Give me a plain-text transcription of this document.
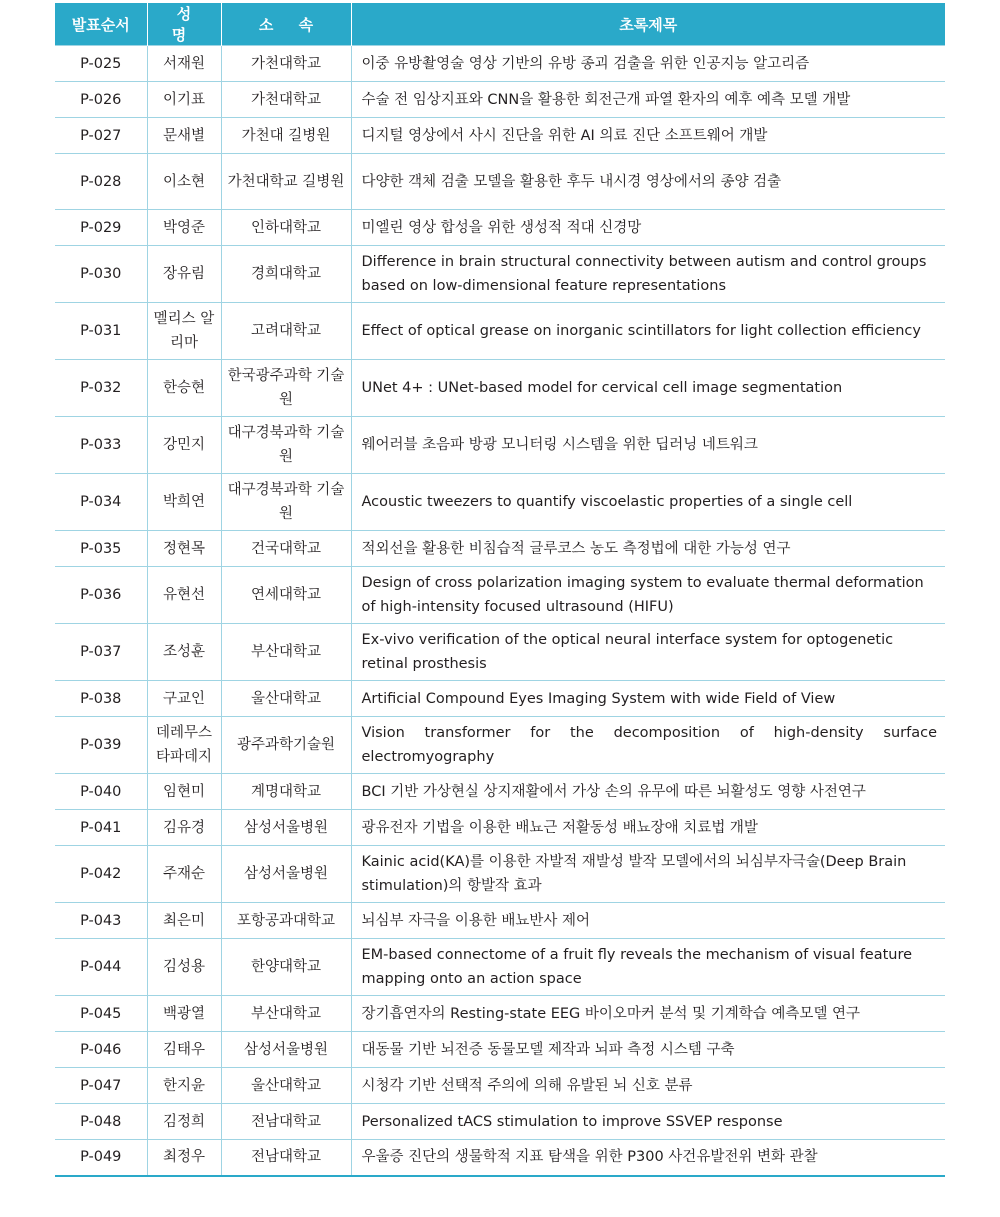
발표순서	성 명	소 속	초록제목
P-025	서재원	가천대학교	이중 유방촬영술 영상 기반의 유방 종괴 검출을 위한 인공지능 알고리즘
P-026	이기표	가천대학교	수술 전 임상지표와 CNN을 활용한 회전근개 파열 환자의 예후 예측 모델 개발
P-027	문새별	가천대 길병원	디지털 영상에서 사시 진단을 위한 AI 의료 진단 소프트웨어 개발
P-028	이소현	가천대학교 길병원	다양한 객체 검출 모델을 활용한 후두 내시경 영상에서의 종양 검출
P-029	박영준	인하대학교	미엘린 영상 합성을 위한 생성적 적대 신경망
P-030	장유림	경희대학교	Difference in brain structural connectivity between autism and control groups based on low-dimensional feature representations
P-031	멜리스 알리마	고려대학교	Effect of optical grease on inorganic scintillators for light collection efficiency
P-032	한승현	한국광주과학 기술원	UNet 4+ : UNet-based model for cervical cell image segmentation
P-033	강민지	대구경북과학 기술원	웨어러블 초음파 방광 모니터링 시스템을 위한 딥러닝 네트워크
P-034	박희연	대구경북과학 기술원	Acoustic tweezers to quantify viscoelastic properties of a single cell
P-035	정현목	건국대학교	적외선을 활용한 비침습적 글루코스 농도 측정법에 대한 가능성 연구
P-036	유현선	연세대학교	Design of cross polarization imaging system to evaluate thermal deformation of high-intensity focused ultrasound (HIFU)
P-037	조성훈	부산대학교	Ex-vivo verification of the optical neural interface system for optogenetic retinal prosthesis
P-038	구교인	울산대학교	Artificial Compound Eyes Imaging System with wide Field of View
P-039	데레무스 타파데지	광주과학기술원	Vision transformer for the decomposition of high-density surface electromyography
P-040	임현미	계명대학교	BCI 기반 가상현실 상지재활에서 가상 손의 유무에 따른 뇌활성도 영향 사전연구
P-041	김유경	삼성서울병원	광유전자 기법을 이용한 배뇨근 저활동성 배뇨장애 치료법 개발
P-042	주재순	삼성서울병원	Kainic acid(KA)를 이용한 자발적 재발성 발작 모델에서의 뇌심부자극술(Deep Brain stimulation)의 항발작 효과
P-043	최은미	포항공과대학교	뇌심부 자극을 이용한 배뇨반사 제어
P-044	김성용	한양대학교	EM-based connectome of a fruit fly reveals the mechanism of visual feature mapping onto an action space
P-045	백광열	부산대학교	장기흡연자의 Resting-state EEG 바이오마커 분석 및 기계학습 예측모델 연구
P-046	김태우	삼성서울병원	대동물 기반 뇌전증 동물모델 제작과 뇌파 측정 시스템 구축
P-047	한지윤	울산대학교	시청각 기반 선택적 주의에 의해 유발된 뇌 신호 분류
P-048	김정희	전남대학교	Personalized tACS stimulation to improve SSVEP response
P-049	최정우	전남대학교	우울증 진단의 생물학적 지표 탐색을 위한 P300 사건유발전위 변화 관찰
